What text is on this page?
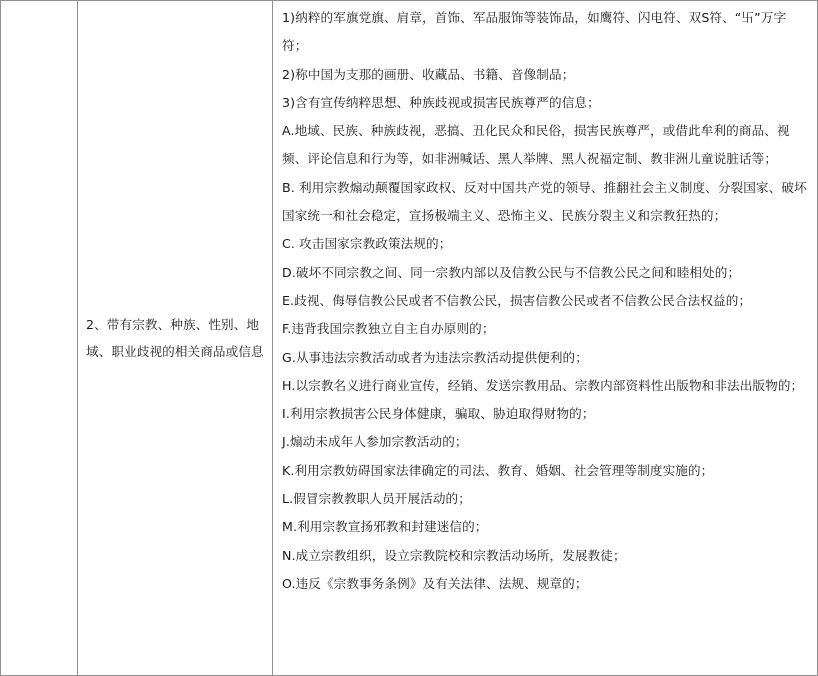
	2、带有宗教、种族、性别、地域、职业歧视的相关商品或信息	

1)纳粹的军旗党旗、肩章，首饰、军品服饰等装饰品，如鹰符、闪电符、双S符、“卐”万字符；

2)称中国为支那的画册、收藏品、书籍、音像制品；

3)含有宣传纳粹思想、种族歧视或损害民族尊严的信息；

A.地域、民族、种族歧视，恶搞、丑化民众和民俗，损害民族尊严，或借此牟利的商品、视频、评论信息和行为等，如非洲喊话、黑人举牌、黑人祝福定制、教非洲儿童说脏话等；

B. 利用宗教煽动颠覆国家政权、反对中国共产党的领导、推翻社会主义制度、分裂国家、破坏国家统一和社会稳定，宣扬极端主义、恐怖主义、民族分裂主义和宗教狂热的；

C. 攻击国家宗教政策法规的；

D.破坏不同宗教之间、同一宗教内部以及信教公民与不信教公民之间和睦相处的；

E.歧视、侮辱信教公民或者不信教公民，损害信教公民或者不信教公民合法权益的；

F.违背我国宗教独立自主自办原则的；

G.从事违法宗教活动或者为违法宗教活动提供便利的；

H.以宗教名义进行商业宣传，经销、发送宗教用品、宗教内部资料性出版物和非法出版物的；

I.利用宗教损害公民身体健康，骗取、胁迫取得财物的；

J.煽动未成年人参加宗教活动的；

K.利用宗教妨碍国家法律确定的司法、教育、婚姻、社会管理等制度实施的；

L.假冒宗教教职人员开展活动的；

M.利用宗教宣扬邪教和封建迷信的；

N.成立宗教组织，设立宗教院校和宗教活动场所，发展教徒；

O.违反《宗教事务条例》及有关法律、法规、规章的；
